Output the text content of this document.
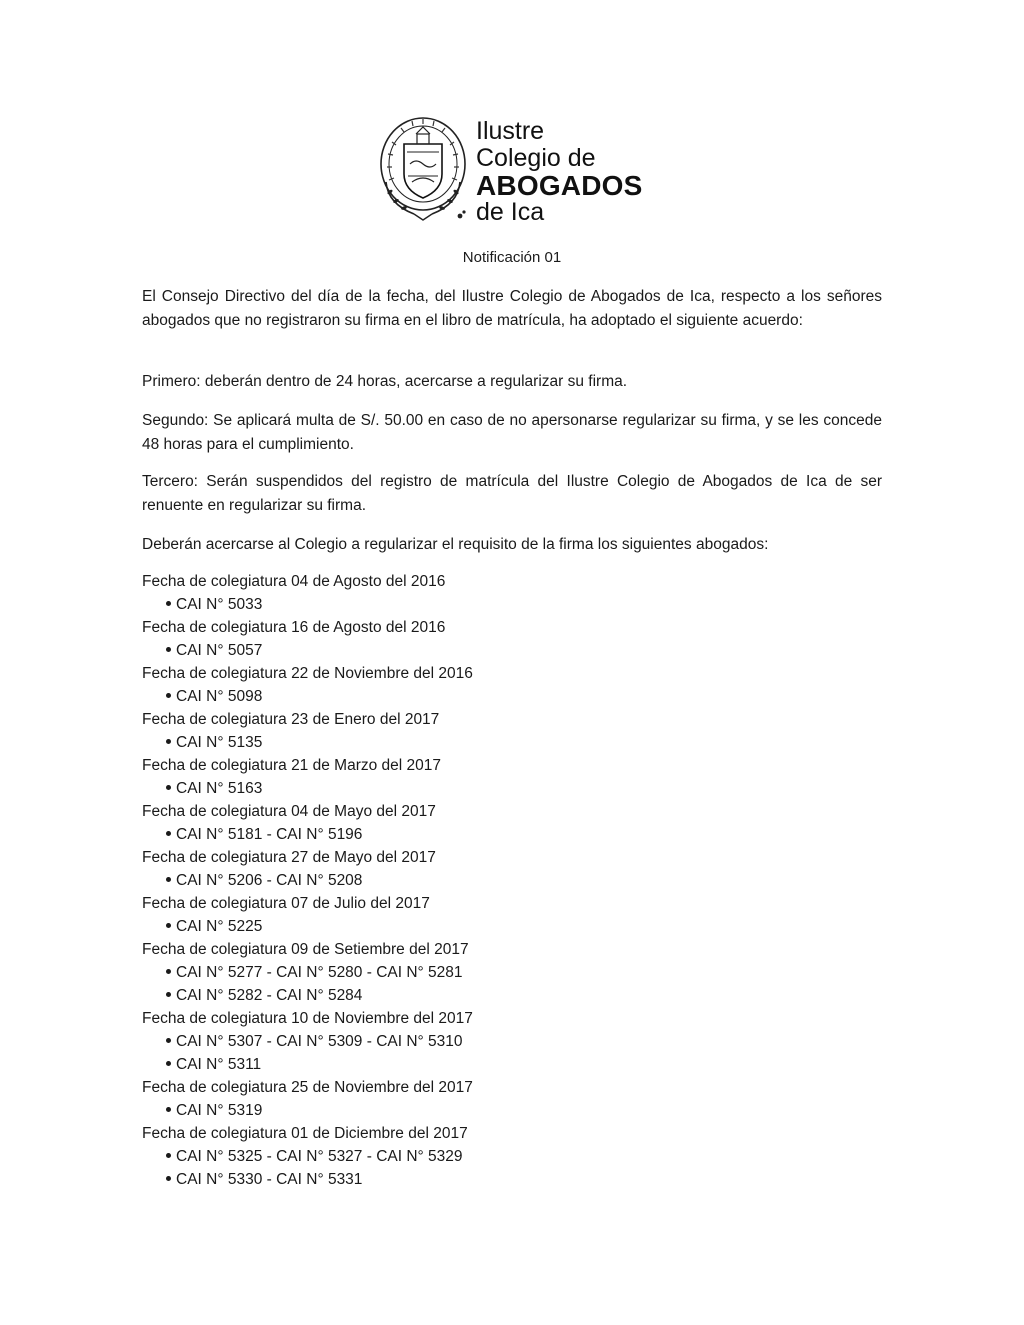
Ilustre
Colegio de
ABOGADOS
de Ica
Notificación 01
El Consejo Directivo del día de la fecha, del Ilustre Colegio de Abogados de Ica, respecto a los señores abogados que no registraron su firma en el libro de matrícula, ha adoptado el siguiente acuerdo:
Primero: deberán dentro de 24 horas, acercarse a regularizar su firma.
Segundo: Se aplicará multa de S/. 50.00 en caso de no apersonarse regularizar su firma, y se les concede 48 horas para el cumplimiento.
Tercero: Serán suspendidos del registro de matrícula del Ilustre Colegio de Abogados de Ica de ser renuente en regularizar su firma.
Deberán acercarse al Colegio a regularizar el requisito de la firma los siguientes abogados:
Fecha de colegiatura 04 de Agosto del 2016
CAI N° 5033
Fecha de colegiatura 16 de Agosto del 2016
CAI N° 5057
Fecha de colegiatura 22 de Noviembre del 2016
CAI N° 5098
Fecha de colegiatura 23 de Enero del 2017
CAI N° 5135
Fecha de colegiatura 21 de Marzo del 2017
CAI N° 5163
Fecha de colegiatura 04 de Mayo del 2017
CAI N° 5181 - CAI N° 5196
Fecha de colegiatura 27 de Mayo del 2017
CAI N° 5206 - CAI N° 5208
Fecha de colegiatura 07 de Julio del 2017
CAI N° 5225
Fecha de colegiatura 09 de Setiembre del 2017
CAI N° 5277 - CAI N° 5280 - CAI N° 5281
CAI N° 5282 - CAI N° 5284
Fecha de colegiatura 10 de Noviembre del 2017
CAI N° 5307 - CAI N° 5309 - CAI N° 5310
CAI N° 5311
Fecha de colegiatura 25 de Noviembre del 2017
CAI N° 5319
Fecha de colegiatura 01 de Diciembre del 2017
CAI N° 5325 - CAI N° 5327 - CAI N° 5329
CAI N° 5330 - CAI N° 5331
